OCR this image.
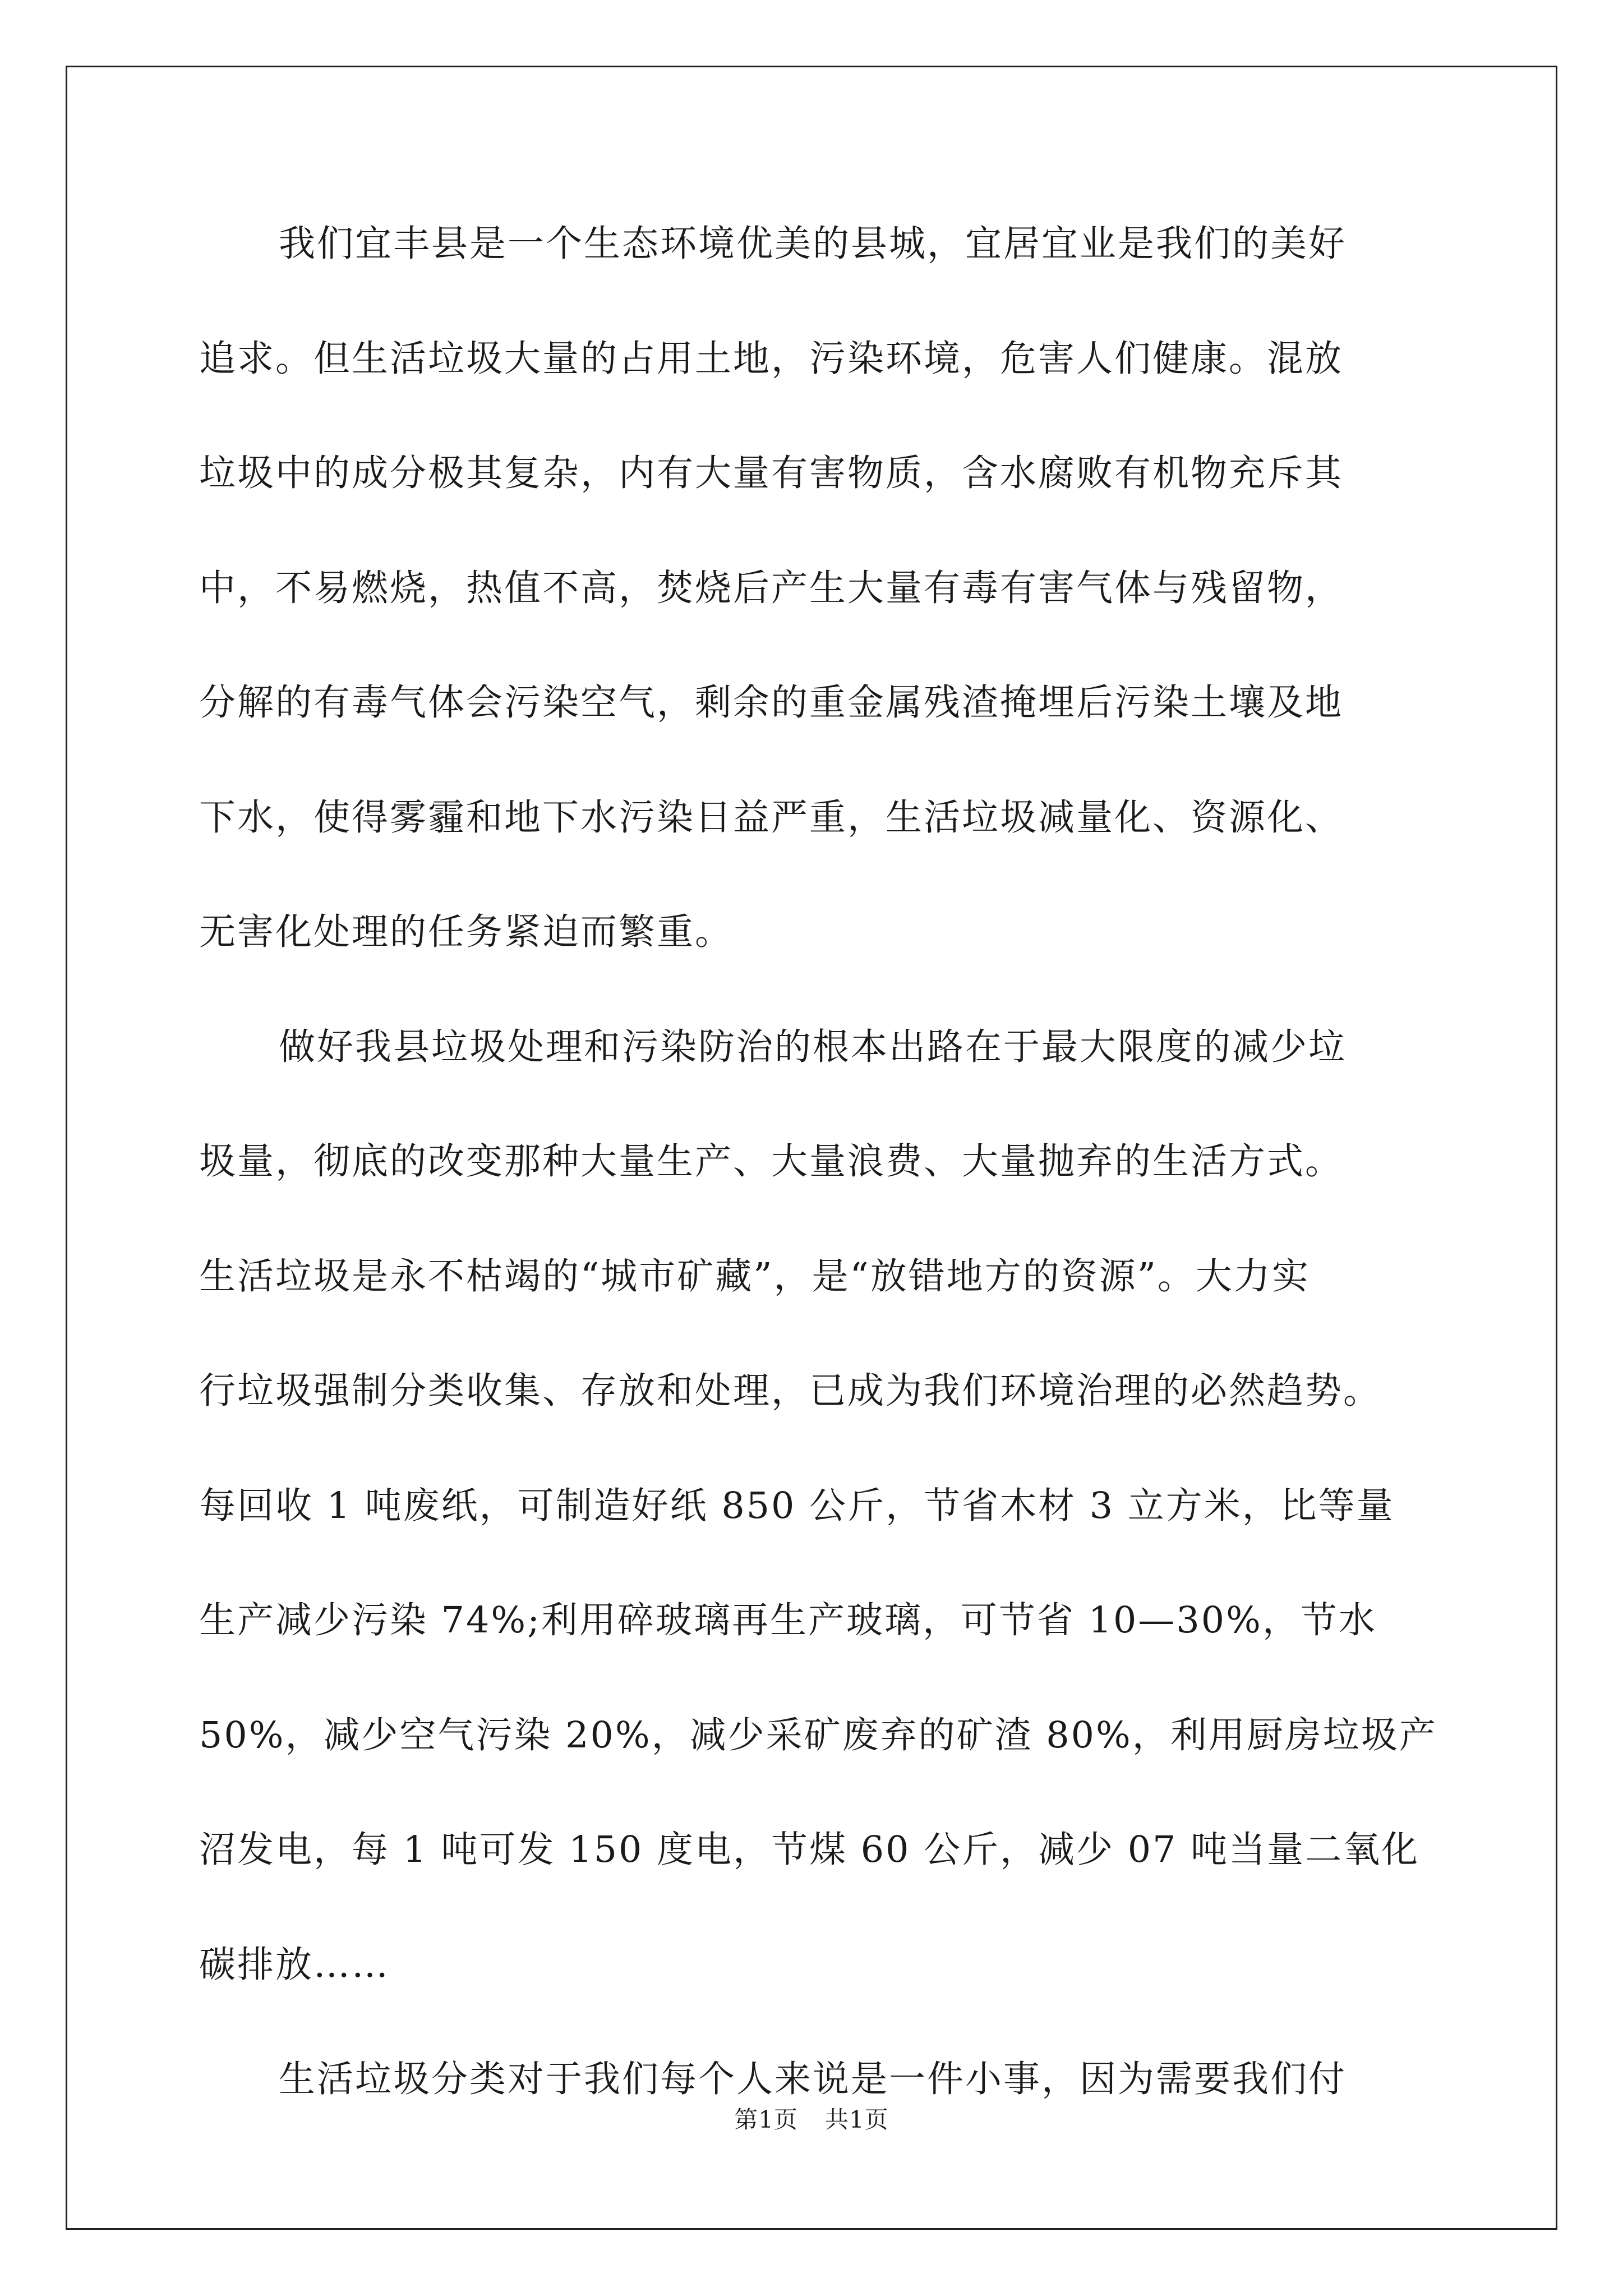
我们宜丰县是一个生态环境优美的县城，宜居宜业是我们的美好
追求。但生活垃圾大量的占用土地，污染环境，危害人们健康。混放
垃圾中的成分极其复杂，内有大量有害物质，含水腐败有机物充斥其
中，不易燃烧，热值不高，焚烧后产生大量有毒有害气体与残留物，
分解的有毒气体会污染空气，剩余的重金属残渣掩埋后污染土壤及地
下水，使得雾霾和地下水污染日益严重，生活垃圾减量化、资源化、
无害化处理的任务紧迫而繁重。
做好我县垃圾处理和污染防治的根本出路在于最大限度的减少垃
圾量，彻底的改变那种大量生产、大量浪费、大量抛弃的生活方式。
生活垃圾是永不枯竭的“城市矿藏”，是“放错地方的资源”。大力实
行垃圾强制分类收集、存放和处理，已成为我们环境治理的必然趋势。
每回收 1 吨废纸，可制造好纸 850 公斤，节省木材 3 立方米，比等量
生产减少污染 74%;利用碎玻璃再生产玻璃，可节省 10—30%，节水
50%，减少空气污染 20%，减少采矿废弃的矿渣 80%，利用厨房垃圾产
沼发电，每 1 吨可发 150 度电，节煤 60 公斤，减少 07 吨当量二氧化
碳排放……
生活垃圾分类对于我们每个人来说是一件小事，因为需要我们付
第1页 共1页
